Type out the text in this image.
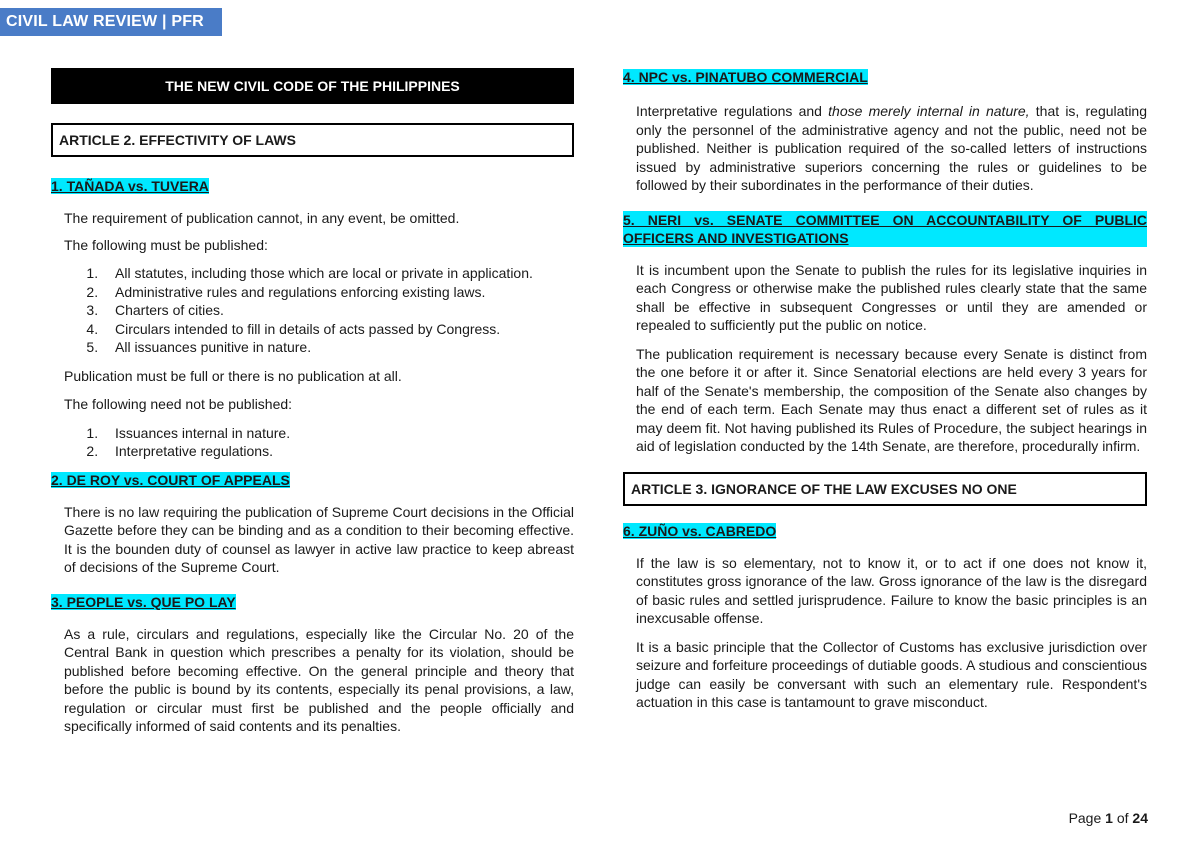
CIVIL LAW REVIEW | PFR
THE NEW CIVIL CODE OF THE PHILIPPINES
ARTICLE 2. EFFECTIVITY OF LAWS
1. TAÑADA vs. TUVERA

The requirement of publication cannot, in any event, be omitted.

The following must be published:

1. All statutes, including those which are local or private in application.
2. Administrative rules and regulations enforcing existing laws.
3. Charters of cities.
4. Circulars intended to fill in details of acts passed by Congress.
5. All issuances punitive in nature.

Publication must be full or there is no publication at all.

The following need not be published:

1. Issuances internal in nature.
2. Interpretative regulations.
2. DE ROY vs. COURT OF APPEALS

There is no law requiring the publication of Supreme Court decisions in the Official Gazette before they can be binding and as a condition to their becoming effective. It is the bounden duty of counsel as lawyer in active law practice to keep abreast of decisions of the Supreme Court.

3. PEOPLE vs. QUE PO LAY

As a rule, circulars and regulations, especially like the Circular No. 20 of the Central Bank in question which prescribes a penalty for its violation, should be published before becoming effective. On the general principle and theory that before the public is bound by its contents, especially its penal provisions, a law, regulation or circular must first be published and the people officially and specifically informed of said contents and its penalties.

4. NPC vs. PINATUBO COMMERCIAL

Interpretative regulations and those merely internal in nature, that is, regulating only the personnel of the administrative agency and not the public, need not be published. Neither is publication required of the so-called letters of instructions issued by administrative superiors concerning the rules or guidelines to be followed by their subordinates in the performance of their duties.

5. NERI vs. SENATE COMMITTEE ON ACCOUNTABILITY OF PUBLIC OFFICERS AND INVESTIGATIONS

It is incumbent upon the Senate to publish the rules for its legislative inquiries in each Congress or otherwise make the published rules clearly state that the same shall be effective in subsequent Congresses or until they are amended or repealed to sufficiently put the public on notice.

The publication requirement is necessary because every Senate is distinct from the one before it or after it. Since Senatorial elections are held every 3 years for half of the Senate's membership, the composition of the Senate also changes by the end of each term. Each Senate may thus enact a different set of rules as it may deem fit. Not having published its Rules of Procedure, the subject hearings in aid of legislation conducted by the 14th Senate, are therefore, procedurally infirm.

ARTICLE 3. IGNORANCE OF THE LAW EXCUSES NO ONE
6. ZUÑO vs. CABREDO

If the law is so elementary, not to know it, or to act if one does not know it, constitutes gross ignorance of the law. Gross ignorance of the law is the disregard of basic rules and settled jurisprudence. Failure to know the basic principles is an inexcusable offense.

It is a basic principle that the Collector of Customs has exclusive jurisdiction over seizure and forfeiture proceedings of dutiable goods. A studious and conscientious judge can easily be conversant with such an elementary rule. Respondent's actuation in this case is tantamount to grave misconduct.

Page 1 of 24
